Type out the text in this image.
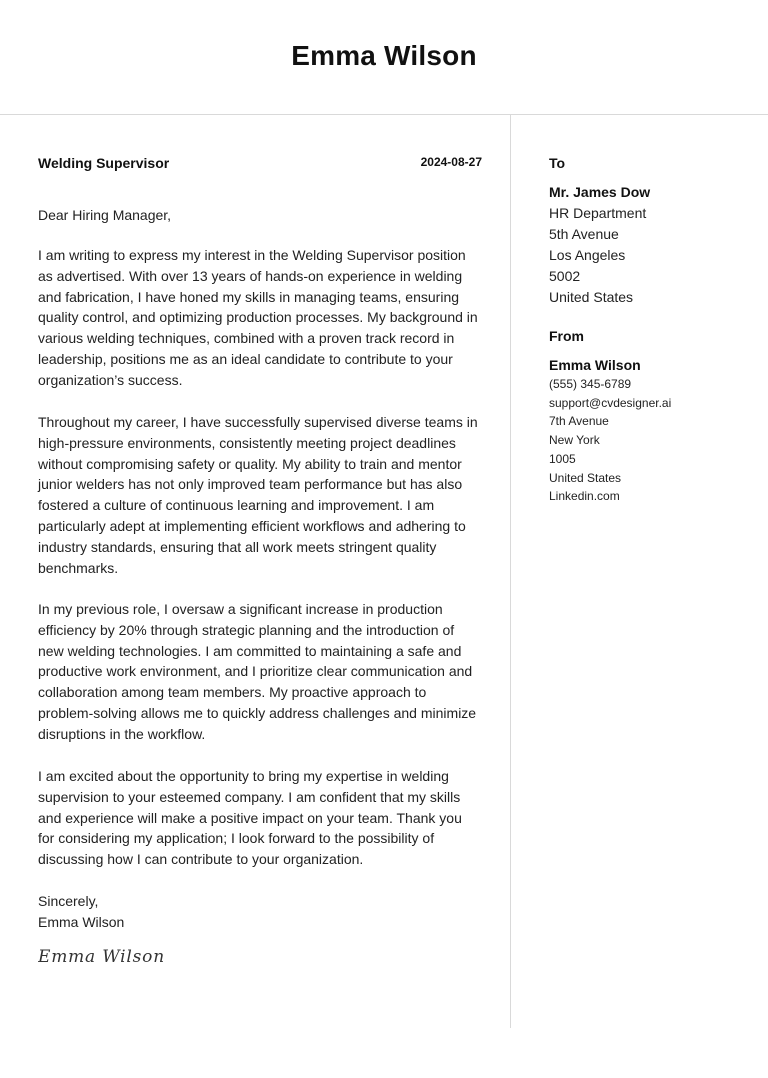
Emma Wilson
Welding Supervisor	2024-08-27
Dear Hiring Manager,

I am writing to express my interest in the Welding Supervisor position as advertised. With over 13 years of hands-on experience in welding and fabrication, I have honed my skills in managing teams, ensuring quality control, and optimizing production processes. My background in various welding techniques, combined with a proven track record in leadership, positions me as an ideal candidate to contribute to your organization’s success.

Throughout my career, I have successfully supervised diverse teams in high-pressure environments, consistently meeting project deadlines without compromising safety or quality. My ability to train and mentor junior welders has not only improved team performance but has also fostered a culture of continuous learning and improvement. I am particularly adept at implementing efficient workflows and adhering to industry standards, ensuring that all work meets stringent quality benchmarks.

In my previous role, I oversaw a significant increase in production efficiency by 20% through strategic planning and the introduction of new welding technologies. I am committed to maintaining a safe and productive work environment, and I prioritize clear communication and collaboration among team members. My proactive approach to problem-solving allows me to quickly address challenges and minimize disruptions in the workflow.

I am excited about the opportunity to bring my expertise in welding supervision to your esteemed company. I am confident that my skills and experience will make a positive impact on your team. Thank you for considering my application; I look forward to the possibility of discussing how I can contribute to your organization.

Sincerely,
Emma Wilson
Emma Wilson
To
Mr. James Dow
HR Department
5th Avenue
Los Angeles
5002
United States
From
Emma Wilson
(555) 345-6789
support@cvdesigner.ai
7th Avenue
New York
1005
United States
Linkedin.com
